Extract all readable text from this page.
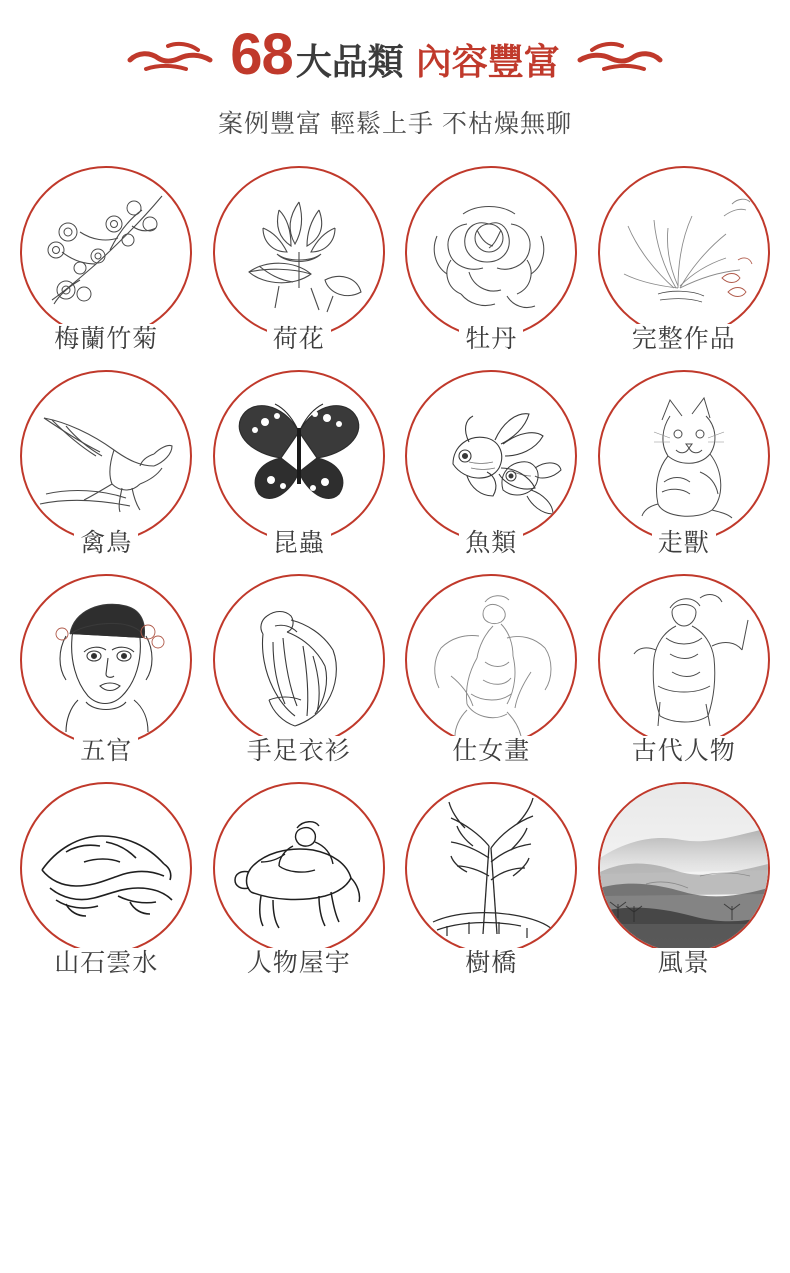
68 大品類 內容豐富
案例豐富 輕鬆上手 不枯燥無聊
梅蘭竹菊	荷花	牡丹	完整作品
禽鳥	昆蟲	魚類	走獸
五官	手足衣衫	仕女畫	古代人物
山石雲水	人物屋宇	樹橋	風景
